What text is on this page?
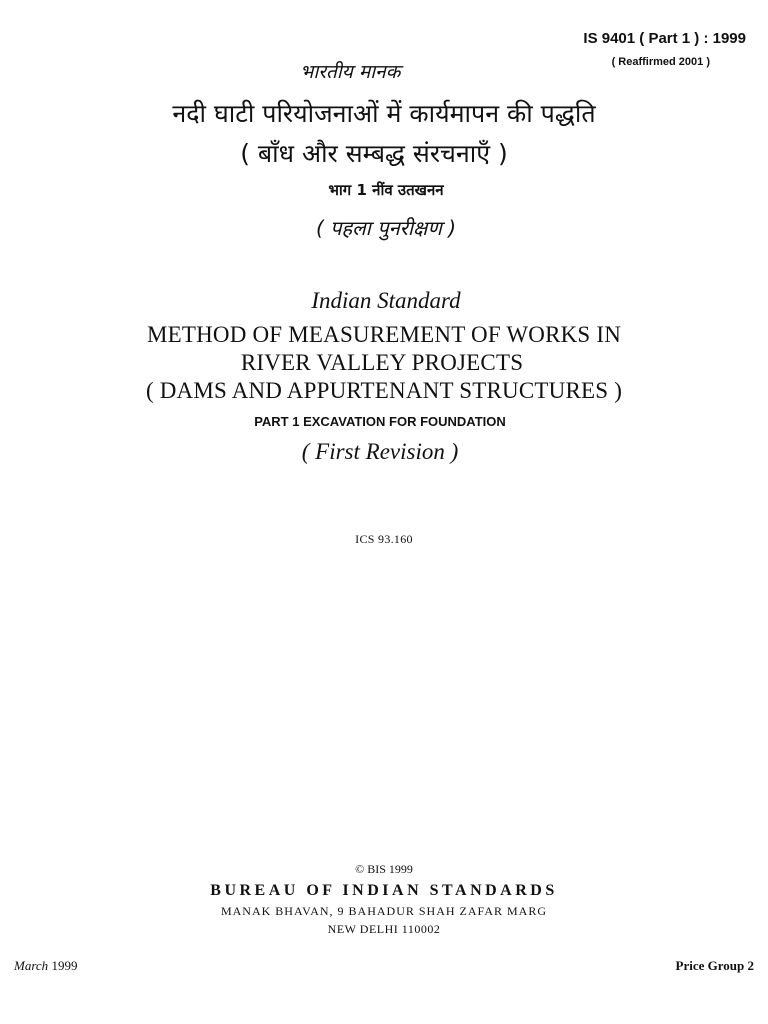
IS 9401 ( Part 1 ) : 1999
( Reaffirmed 2001 )
भारतीय मानक
नदी घाटी परियोजनाओं में कार्यमापन की पद्धति
( बाँध और सम्बद्ध संरचनाएँ )
भाग 1 नींव उतखनन
( पहला पुनरीक्षण )
Indian Standard
METHOD OF MEASUREMENT OF WORKS IN
RIVER VALLEY PROJECTS
( DAMS AND APPURTENANT STRUCTURES )
PART 1 EXCAVATION FOR FOUNDATION
( First Revision )
ICS 93.160
© BIS 1999
BUREAU OF INDIAN STANDARDS
MANAK BHAVAN, 9 BAHADUR SHAH ZAFAR MARG
NEW DELHI 110002
March 1999	Price Group 2
